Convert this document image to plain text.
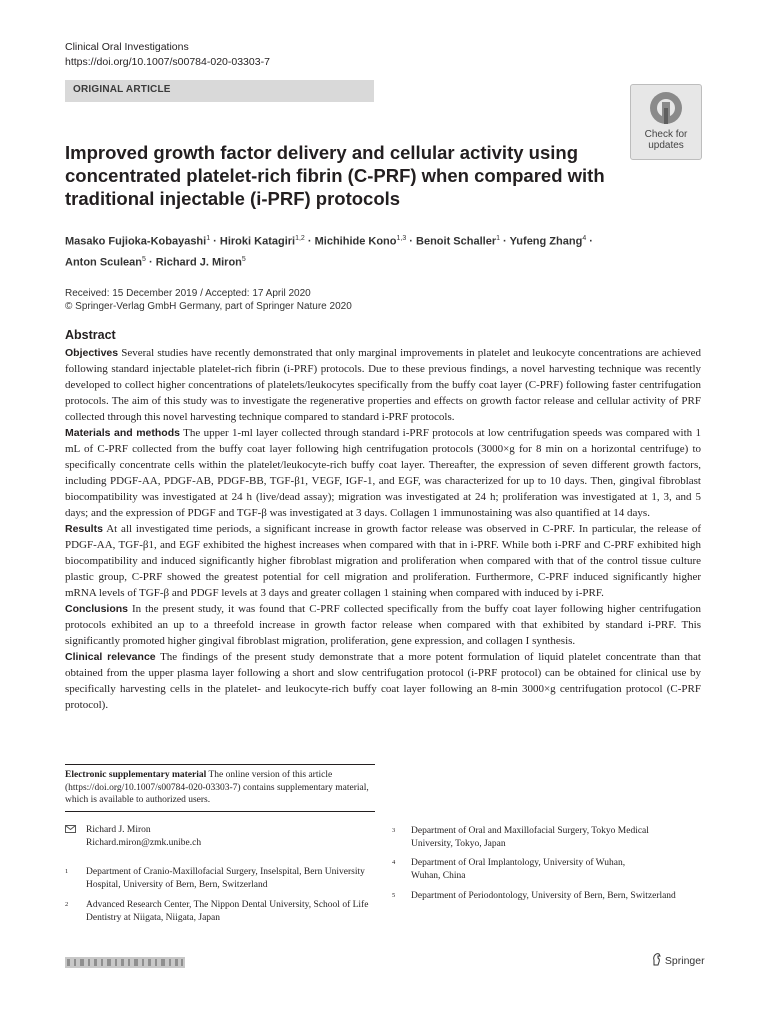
Clinical Oral Investigations
https://doi.org/10.1007/s00784-020-03303-7
ORIGINAL ARTICLE
Check for
updates
Improved growth factor delivery and cellular activity using concentrated platelet-rich fibrin (C-PRF) when compared with traditional injectable (i-PRF) protocols
Masako Fujioka-Kobayashi$^1$ · Hiroki Katagiri$^{1,2}$ · Michihide Kono$^{1,3}$ · Benoit Schaller$^1$ · Yufeng Zhang$^4$ ·
Anton Sculean$^5$ · Richard J. Miron$^5$
Received: 15 December 2019 / Accepted: 17 April 2020
© Springer-Verlag GmbH Germany, part of Springer Nature 2020
Abstract

Objectives Several studies have recently demonstrated that only marginal improvements in platelet and leukocyte concentrations are achieved following standard injectable platelet-rich fibrin (i-PRF) protocols. Due to these previous findings, a novel harvesting technique was recently developed to collect higher concentrations of platelets/leukocytes specifically from the buffy coat layer (C-PRF) following faster centrifugation protocols. The aim of this study was to investigate the regenerative properties and effects on growth factor release and cellular activity of PRF collected through this novel harvesting technique compared to standard i-PRF protocols.

Materials and methods The upper 1-ml layer collected through standard i-PRF protocols at low centrifugation speeds was compared with 1 mL of C-PRF collected from the buffy coat layer following high centrifugation protocols (3000×g for 8 min on a horizontal centrifuge) to specifically concentrate cells within the platelet/leukocyte-rich buffy coat layer. Thereafter, the expression of seven different growth factors, including PDGF-AA, PDGF-AB, PDGF-BB, TGF-β1, VEGF, IGF-1, and EGF, was characterized for up to 10 days. Then, gingival fibroblast biocompatibility was investigated at 24 h (live/dead assay); migration was investigated at 24 h; proliferation was investigated at 1, 3, and 5 days; and the expression of PDGF and TGF-β was investigated at 3 days. Collagen 1 immunostaining was also quantified at 14 days.

Results At all investigated time periods, a significant increase in growth factor release was observed in C-PRF. In particular, the release of PDGF-AA, TGF-β1, and EGF exhibited the highest increases when compared with that in i-PRF. While both i-PRF and C-PRF exhibited high biocompatibility and induced significantly higher fibroblast migration and proliferation when compared with that of the control tissue culture plastic group, C-PRF showed the greatest potential for cell migration and proliferation. Furthermore, C-PRF induced significantly higher mRNA levels of TGF-β and PDGF levels at 3 days and greater collagen 1 staining when compared with induced by i-PRF.

Conclusions In the present study, it was found that C-PRF collected specifically from the buffy coat layer following higher centrifugation protocols exhibited an up to a threefold increase in growth factor release when compared with that exhibited by standard i-PRF. This significantly promoted higher gingival fibroblast migration, proliferation, gene expression, and collagen I synthesis.

Clinical relevance The findings of the present study demonstrate that a more potent formulation of liquid platelet concentrate than that obtained from the upper plasma layer following a short and slow centrifugation protocol (i-PRF protocol) can be obtained for clinical use by specifically harvesting cells in the platelet- and leukocyte-rich buffy coat layer following an 8-min 3000×g centrifugation protocol (C-PRF protocol).

Electronic supplementary material The online version of this article (https://doi.org/10.1007/s00784-020-03303-7) contains supplementary material, which is available to authorized users.
Richard J. Miron
Richard.miron@zmk.unibe.ch
1 Department of Cranio-Maxillofacial Surgery, Inselspital, Bern University Hospital, University of Bern, Bern, Switzerland
2 Advanced Research Center, The Nippon Dental University, School of Life Dentistry at Niigata, Niigata, Japan
3 Department of Oral and Maxillofacial Surgery, Tokyo Medical University, Tokyo, Japan
4 Department of Oral Implantology, University of Wuhan, Wuhan, China
5 Department of Periodontology, University of Bern, Bern, Switzerland
Springer
